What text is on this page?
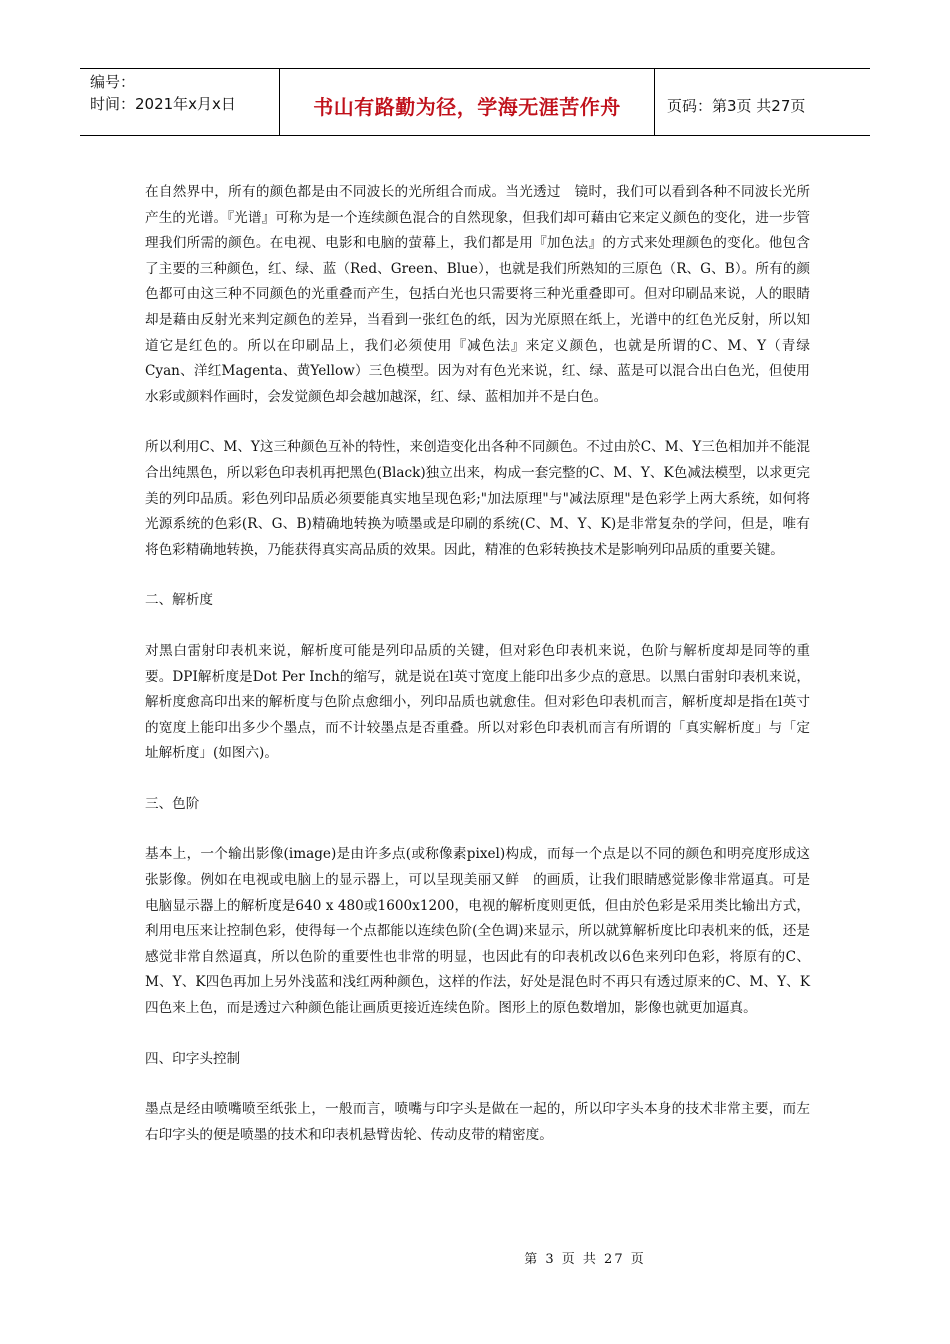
编号：
时间：2021年x月x日	书山有路勤为径，学海无涯苦作舟	页码：第3页 共27页

在自然界中，所有的颜色都是由不同波长的光所组合而成。当光透过　镜时，我们可以看到各种不同波长光所产生的光谱。『光谱』可称为是一个连续颜色混合的自然现象，但我们却可藉由它来定义颜色的变化，进一步管理我们所需的颜色。在电视、电影和电脑的萤幕上，我们都是用『加色法』的方式来处理颜色的变化。他包含了主要的三种颜色，红、绿、蓝（Red、Green、Blue），也就是我们所熟知的三原色（R、G、B）。所有的颜色都可由这三种不同颜色的光重叠而产生，包括白光也只需要将三种光重叠即可。但对印刷品来说，人的眼睛却是藉由反射光来判定颜色的差异，当看到一张红色的纸，因为光原照在纸上，光谱中的红色光反射，所以知道它是红色的。所以在印刷品上，我们必须使用『减色法』来定义颜色，也就是所谓的C、M、Y（青绿Cyan、洋红Magenta、黄Yellow）三色模型。因为对有色光来说，红、绿、蓝是可以混合出白色光，但使用水彩或颜料作画时，会发觉颜色却会越加越深，红、绿、蓝相加并不是白色。

所以利用C、M、Y这三种颜色互补的特性，来创造变化出各种不同颜色。不过由於C、M、Y三色相加并不能混合出纯黑色，所以彩色印表机再把黑色(Black)独立出来，构成一套完整的C、M、Y、K色减法模型，以求更完美的列印品质。彩色列印品质必须要能真实地呈现色彩;"加法原理"与"减法原理"是色彩学上两大系统，如何将光源系统的色彩(R、G、B)精确地转换为喷墨或是印刷的系统(C、M、Y、K)是非常复杂的学问，但是，唯有将色彩精确地转换，乃能获得真实高品质的效果。因此，精准的色彩转换技术是影响列印品质的重要关键。

二、解析度

对黑白雷射印表机来说，解析度可能是列印品质的关键，但对彩色印表机来说，色阶与解析度却是同等的重要。DPI解析度是Dot Per Inch的缩写，就是说在l英寸宽度上能印出多少点的意思。以黑白雷射印表机来说，解析度愈高印出来的解析度与色阶点愈细小，列印品质也就愈佳。但对彩色印表机而言，解析度却是指在l英寸的宽度上能印出多少个墨点，而不计较墨点是否重叠。所以对彩色印表机而言有所谓的「真实解析度」与「定址解析度」(如图六)。

三、色阶

基本上，一个输出影像(image)是由许多点(或称像素pixel)构成，而每一个点是以不同的颜色和明亮度形成这张影像。例如在电视或电脑上的显示器上，可以呈现美丽又鲜　的画质，让我们眼睛感觉影像非常逼真。可是电脑显示器上的解析度是640 x 480或1600x1200，电视的解析度则更低，但由於色彩是采用类比输出方式，利用电压来让控制色彩，使得每一个点都能以连续色阶(全色调)来显示，所以就算解析度比印表机来的低，还是感觉非常自然逼真，所以色阶的重要性也非常的明显，也因此有的印表机改以6色来列印色彩，将原有的C、M、Y、K四色再加上另外浅蓝和浅红两种颜色，这样的作法，好处是混色时不再只有透过原来的C、M、Y、K四色来上色，而是透过六种颜色能让画质更接近连续色阶。图形上的原色数增加，影像也就更加逼真。

四、印字头控制

墨点是经由喷嘴喷至纸张上，一般而言，喷嘴与印字头是做在一起的，所以印字头本身的技术非常主要，而左右印字头的便是喷墨的技术和印表机悬臂齿轮、传动皮带的精密度。

第 3 页 共 27 页
